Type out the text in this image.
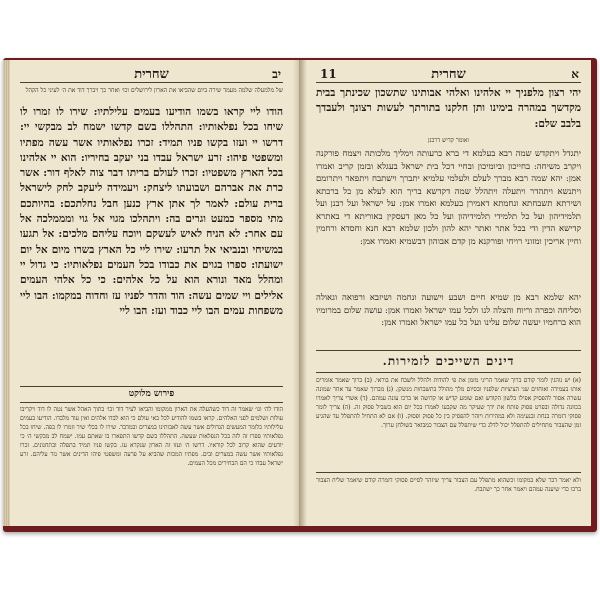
יב
שחרית
של מלמעלה שלמה מעמד שירה ביום שהביאו את הארון לירושלים וכו׳ ואחר כך ויברך דוד את ה׳ לעיני כל הקהל
הודו ליי קראו בשמו הודיעו בעמים עלילתיו: שירו לו זמרו לו שיחו בכל נפלאותיו: התהללו בשם קדשו ישמח לב מבקשי יי: דרשו יי ועזו בקשו פניו תמיד: זכרו נפלאותיו אשר עשה מפתיו ומשפטי פיהו: זרע ישראל עבדו בני יעקב בחיריו: הוא יי אלהינו בכל הארץ משפטיו: זכרו לעולם בריתו דבר צוה לאלף דור: אשר כרת את אברהם ושבועתו ליצחק: ויעמידה ליעקב לחק לישראל ברית עולם: לאמר לך אתן ארץ כנען חבל נחלתכם: בהיותכם מתי מספר כמעט וגרים בה: ויתהלכו מגוי אל גוי ומממלכה אל עם אחר: לא הניח לאיש לעשקם ויוכח עליהם מלכים: אל תגעו במשיחי ובנביאי אל תרעו: שירו ליי כל הארץ בשרו מיום אל יום ישועתו: ספרו בגוים את כבודו בכל העמים נפלאותיו: כי גדול יי ומהלל מאד ונורא הוא על כל אלהים: כי כל אלהי העמים אלילים ויי שמים עשה: הוד והדר לפניו עז וחדוה במקמו: הבו ליי משפחות עמים הבו ליי כבוד ועז: הבו ליי
פירוש מלוקט
הודו לה׳ וגו׳ שאמר זה דוד כשהעלה את הארון ממקומו והביאו לעיר דוד וכו׳ בתוך האהל אשר נטה לו דוד ויקריבו עולות ושלמים לפני האלהים. קראו בשמו להודיע לכל באי עולם כי הוא לבדו אלהים ואין עוד מלבדו. הודיעו בעמים עלילותיו כלומר המעשים הגדולים אשר עשה לאבותינו במצרים ובמדבר. שירו לו בכלי שיר וזמרו לו בפה. שיחו בכל נפלאותיו ספרו זה לזה בכל הנפלאות שעשה. התהללו בשם קדשו התפארו בו שאתם עמו. ישמח לב מבקשי ה׳ כי יודעים שהוא קרוב לכל קוראיו. דרשו ה׳ ועזו זה הארון שנקרא עז. בקשו פניו תמיד בתפלה ובתחנונים. זכרו נפלאותיו אשר עשה במצרים ובים. מפתיו המכות שהביא על פרעה ומשפטי פיהו הדינים אשר גזר עליהם. זרע ישראל עבדו כי הם הבחירים מכל העמים.
א
שחרית
11
יהי רצון מלפניך יי אלהינו ואלהי אבותינו שתשכון שכינתך בבית מקדשך במהרה בימינו ותן חלקנו בתורתך לעשות רצונך ולעבדך בלבב שלם:
ואומר קדיש דרבנן
יתגדל ויתקדש שמה רבא בעלמא די ברא כרעותה וימליך מלכותה ויצמח פורקנה ויקרב משיחה: בחייכון וביומיכון ובחיי דכל בית ישראל בעגלא ובזמן קריב ואמרו אמן: יהא שמה רבא מברך לעלם ולעלמי עלמיא יתברך וישתבח ויתפאר ויתרומם ויתנשא ויתהדר ויתעלה ויתהלל שמה דקדשא בריך הוא לעלא מן כל ברכתא ושירתא תשבחתא ונחמתא דאמירן בעלמא ואמרו אמן: על ישראל ועל רבנן ועל תלמידיהון ועל כל תלמידי תלמידיהון ועל כל מאן דעסקין באוריתא די באתרא קדישא הדין ודי בכל אתר ואתר יהא להון ולכון שלמא רבא חנא וחסדא ורחמין וחיין אריכין ומזוני רויחי ופורקנא מן קדם אבוהון דבשמיא ואמרו אמן:
יהא שלמא רבא מן שמיא חיים ושבע וישועה ונחמה ושיזבא ורפואה וגאולה וסליחה וכפרה וריוח והצלה לנו ולכל עמו ישראל ואמרו אמן: עושה שלום במרומיו הוא ברחמיו יעשה שלום עלינו ועל כל עמו ישראל ואמרו אמן:
דינים השייכים לזמירות.
(א) יש נוהגין לומר קודם ברוך שאמר הריני מזמן את פי להודות ולהלל ולשבח את בוראי. (ב) ברוך שאמר אומרים אותו בעמידה ואוחזים שני הציציות שלפניו ובסיום מלך מהולל בתשבחות מנשקן. (ג) מברוך שאמר עד אחר שמונה עשרה אסור להפסיק אפילו בלשון הקודש ואם שומע קדיש או קדושה או ברכו עונה עמהם. (ד) אשרי צריך לאמרו בכוונה גדולה ובפרט פסוק פותח את ידך שעיקר מה שקבעו לאמרו בכל יום הוא בשביל פסוק זה. (ה) צריך לומר פסוקי דזמרה בנחת ובנעימה ולא במהירות ויזהר להפסיק בין כל פסוק ופסוק. (ו) אם לא התחיל להתפלל עד שהגיע זמן שהצבור מתחילים להתפלל יכול לדלג כדי שיתפלל עם הצבור כמבואר בשולחן ערוך.
ולא יאמר דבר שלא במקומו וכשהוא מתפלל עם הצבור צריך שיזהר לסיים פסוקי דזמרה קודם שיאמר שליח הצבור ברכו כדי שיענה עמהם ויאמר אחר כך ישתבח.
